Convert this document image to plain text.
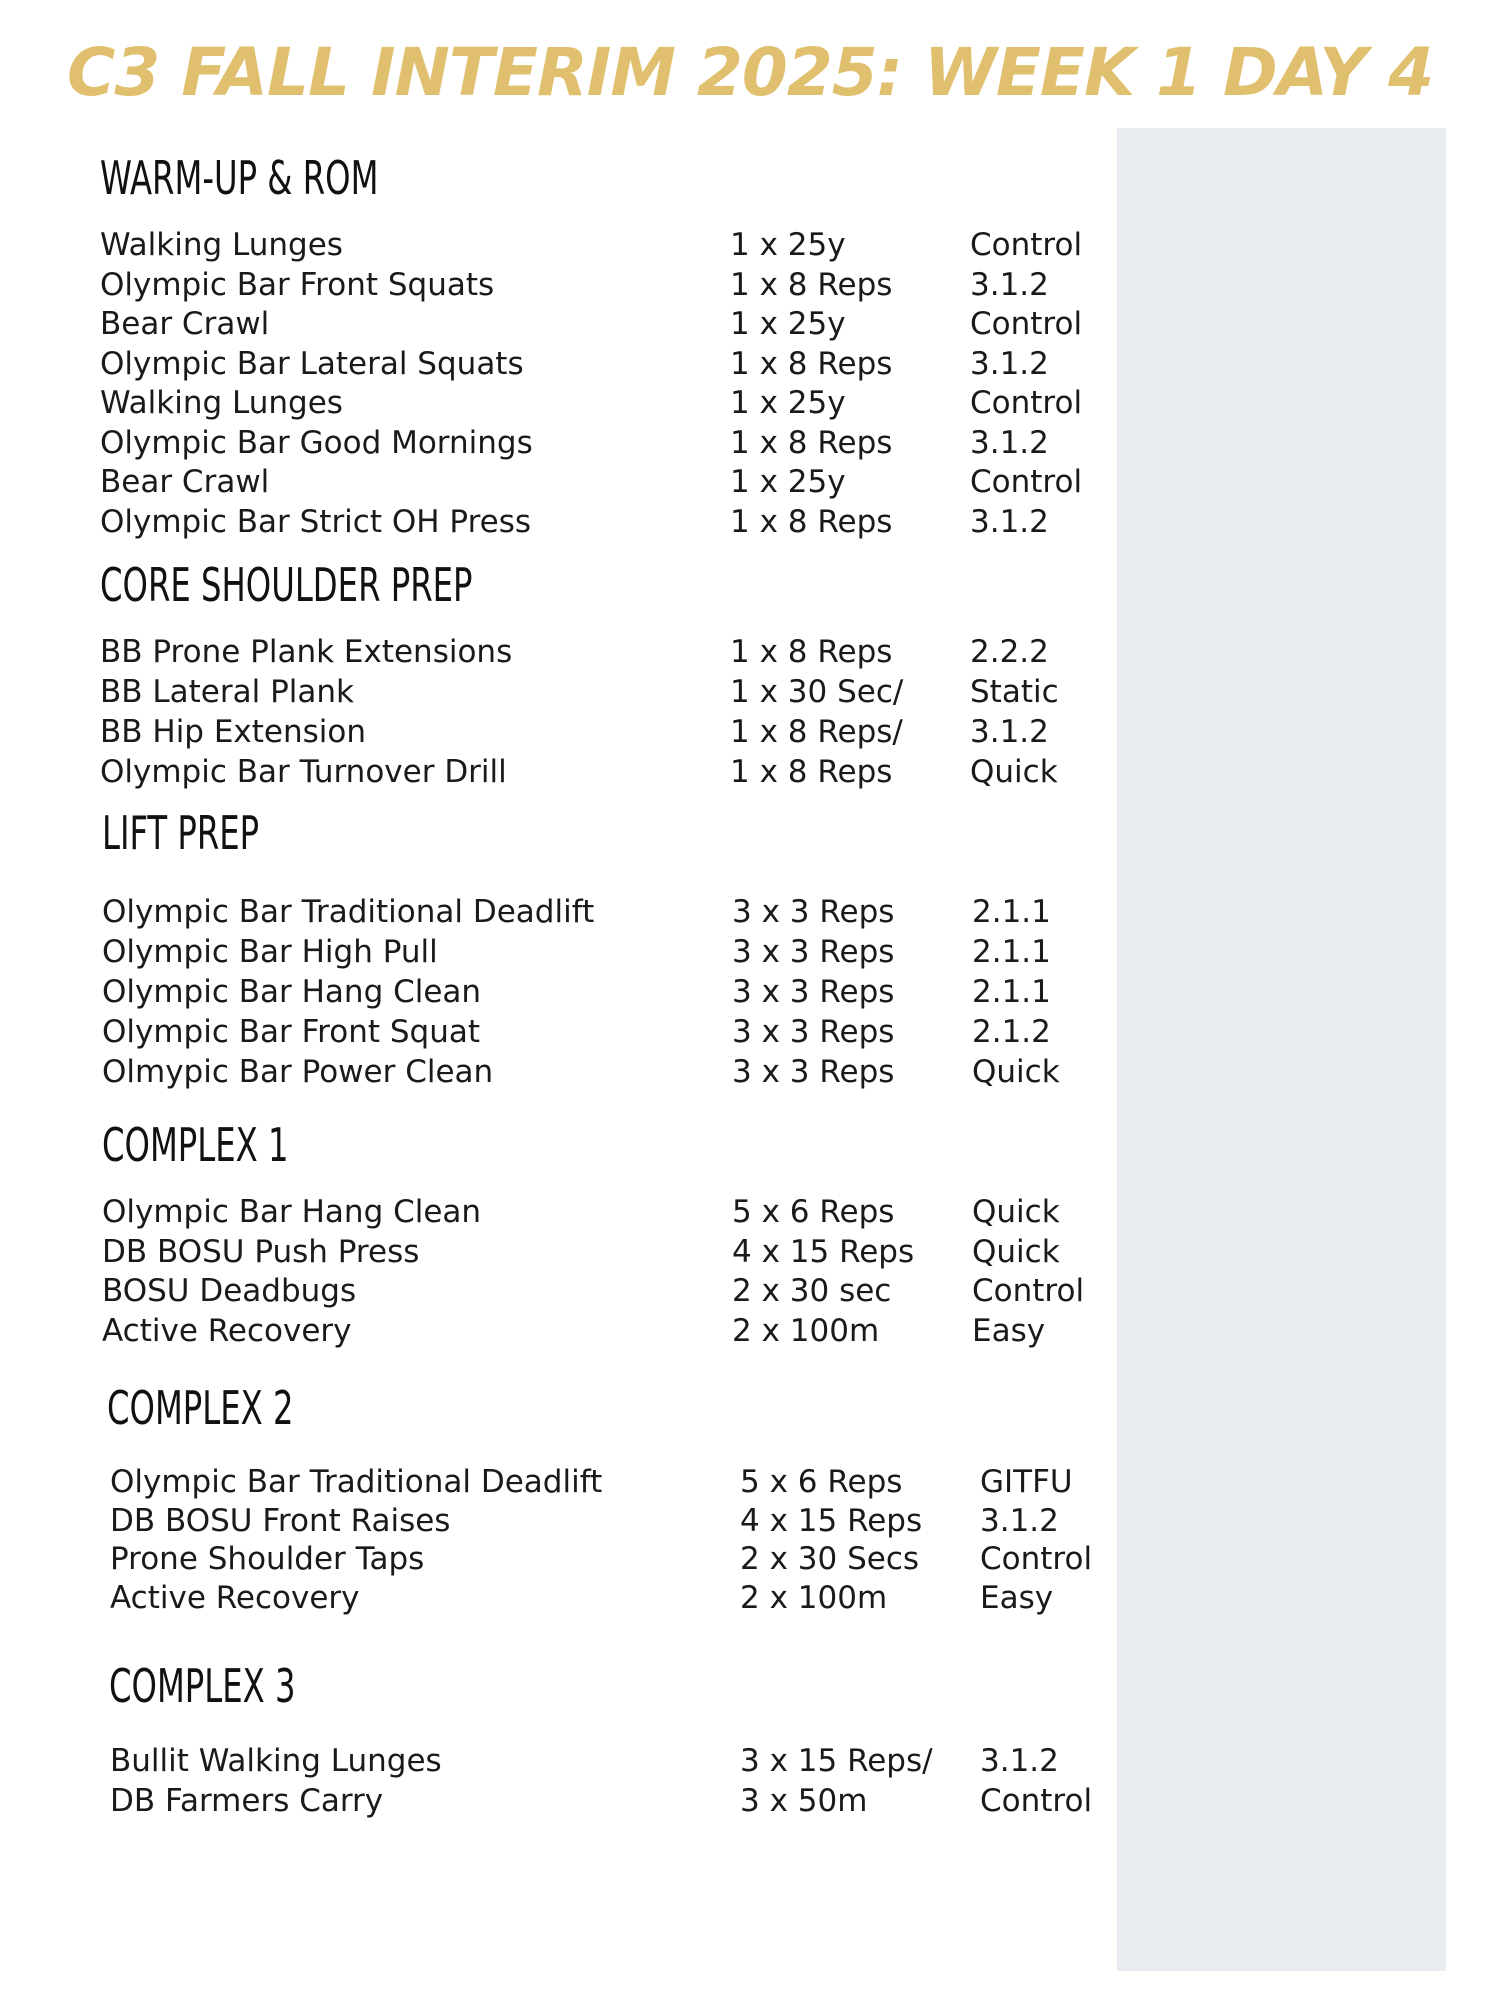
C3 FALL INTERIM 2025: WEEK 1 DAY 4
WARM-UP & ROM
Walking Lunges	1 x 25y	Control
Olympic Bar Front Squats	1 x 8 Reps	3.1.2
Bear Crawl	1 x 25y	Control
Olympic Bar Lateral Squats	1 x 8 Reps	3.1.2
Walking Lunges	1 x 25y	Control
Olympic Bar Good Mornings	1 x 8 Reps	3.1.2
Bear Crawl	1 x 25y	Control
Olympic Bar Strict OH Press	1 x 8 Reps	3.1.2
CORE SHOULDER PREP
BB Prone Plank Extensions	1 x 8 Reps	2.2.2
BB Lateral Plank	1 x 30 Sec/ Static
BB Hip Extension	1 x 8 Reps/ 3.1.2
Olympic Bar Turnover Drill	1 x 8 Reps	Quick
LIFT PREP
Olympic Bar Traditional Deadlift	3 x 3 Reps	2.1.1
Olympic Bar High Pull	3 x 3 Reps	2.1.1
Olympic Bar Hang Clean	3 x 3 Reps	2.1.1
Olympic Bar Front Squat	3 x 3 Reps	2.1.2
Olmypic Bar Power Clean	3 x 3 Reps	Quick
COMPLEX 1
Olympic Bar Hang Clean	5 x 6 Reps	Quick
DB BOSU Push Press	4 x 15 Reps Quick
BOSU Deadbugs	2 x 30 sec	Control
Active Recovery	2 x 100m	Easy
COMPLEX 2
Olympic Bar Traditional Deadlift	5 x 6 Reps	GITFU
DB BOSU Front Raises	4 x 15 Reps 3.1.2
Prone Shoulder Taps	2 x 30 Secs Control
Active Recovery	2 x 100m	Easy
COMPLEX 3
Bullit Walking Lunges	3 x 15 Reps/ 3.1.2
DB Farmers Carry	3 x 50m	Control
